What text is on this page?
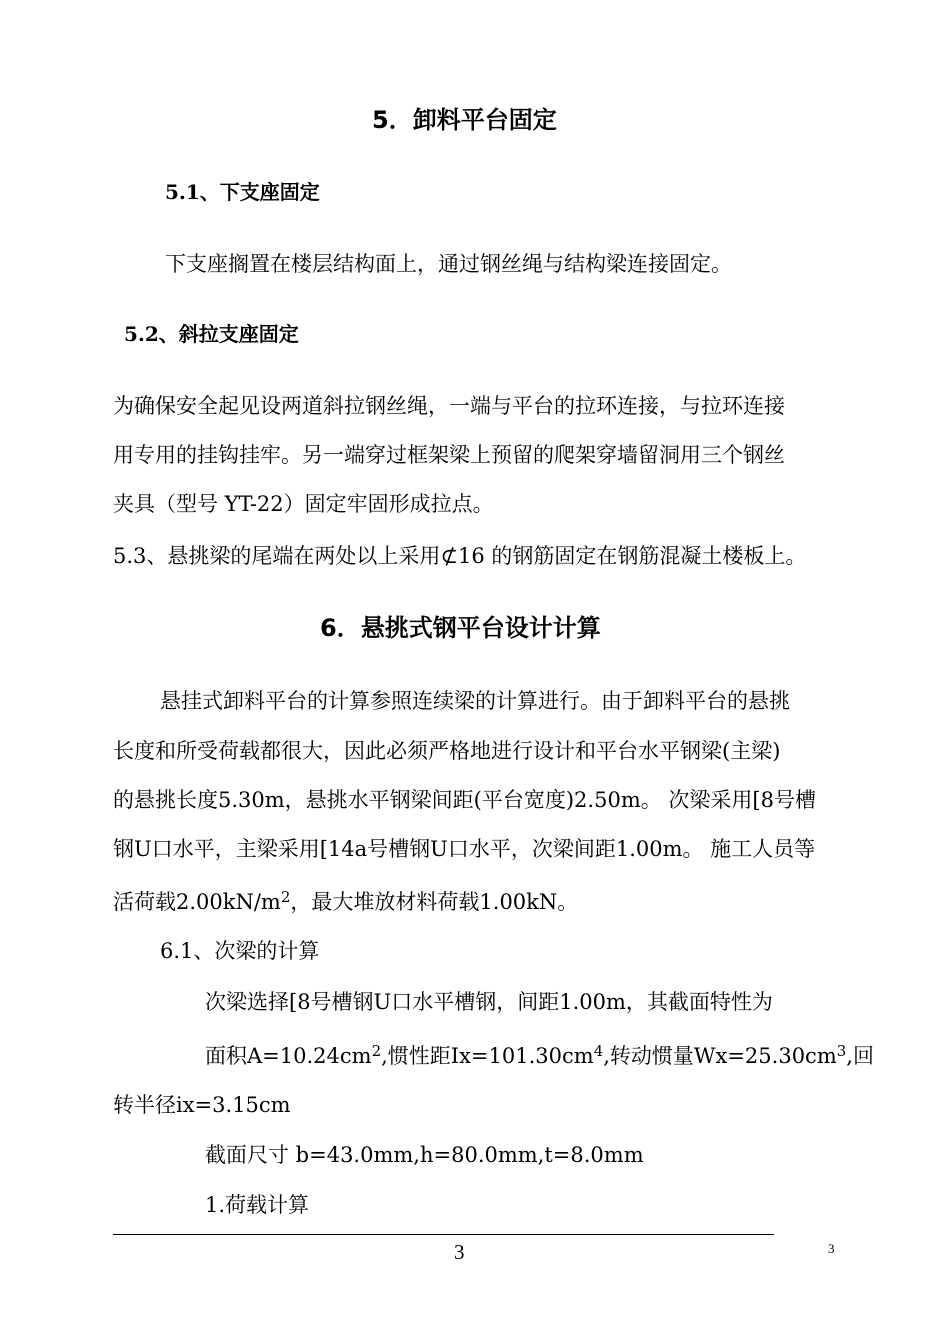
5．卸料平台固定
5.1、下支座固定
下支座搁置在楼层结构面上，通过钢丝绳与结构梁连接固定。
5.2、斜拉支座固定
为确保安全起见设两道斜拉钢丝绳，一端与平台的拉环连接，与拉环连接
用专用的挂钩挂牢。另一端穿过框架梁上预留的爬架穿墙留洞用三个钢丝
夹具（型号 YT-22）固定牢固形成拉点。
5.3、悬挑梁的尾端在两处以上采用⊄16 的钢筋固定在钢筋混凝土楼板上。
6．悬挑式钢平台设计计算
悬挂式卸料平台的计算参照连续梁的计算进行。由于卸料平台的悬挑
长度和所受荷载都很大，因此必须严格地进行设计和平台水平钢梁(主梁)
的悬挑长度5.30m，悬挑水平钢梁间距(平台宽度)2.50m。 次梁采用[8号槽
钢U口水平，主梁采用[14a号槽钢U口水平，次梁间距1.00m。 施工人员等
活荷载$2.00kN/m^2$，最大堆放材料荷载1.00kN。
6.1、次梁的计算
次梁选择[8号槽钢U口水平槽钢，间距1.00m，其截面特性为
面积$A=10.24cm^2$,惯性距$Ix=101.30cm^4$,转动惯量$Wx=25.30cm^3$,回
转半径ix=3.15cm
截面尺寸 b=43.0mm,h=80.0mm,t=8.0mm
1.荷载计算
3	3
